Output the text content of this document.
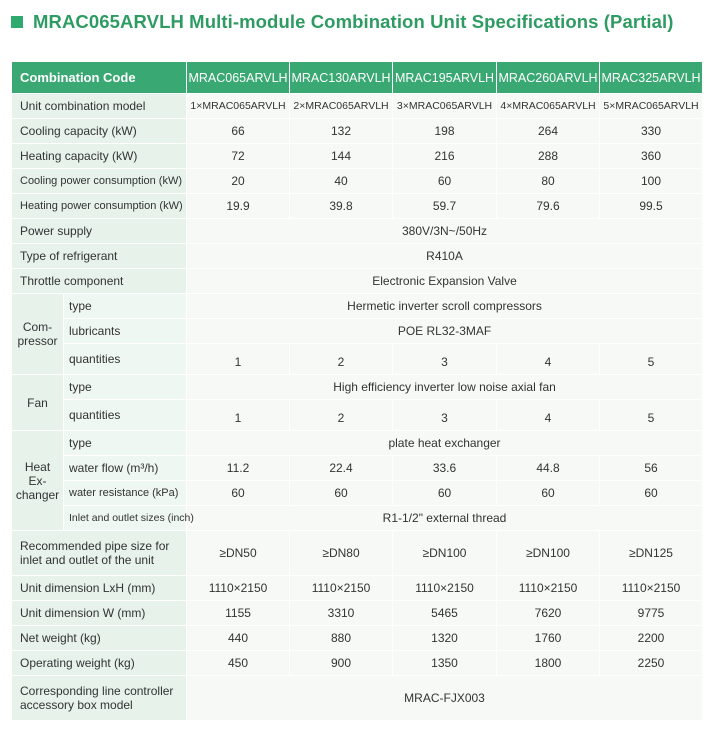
MRAC065ARVLH Multi-module Combination Unit Specifications (Partial)
Combination Code		MRAC065ARVLH	MRAC130ARVLH	MRAC195ARVLH	MRAC260ARVLH	MRAC325ARVLH
Unit combination model		1×MRAC065ARVLH	2×MRAC065ARVLH	3×MRAC065ARVLH	4×MRAC065ARVLH	5×MRAC065ARVLH
Cooling capacity (kW)		66	132	198	264	330
Heating capacity (kW)		72	144	216	288	360
Cooling power consumption (kW)		20	40	60	80	100
Heating power consumption (kW)		19.9	39.8	59.7	79.6	99.5
Power supply		380V/3N~/50Hz				
Type of refrigerant		R410A				
Throttle component		Electronic Expansion Valve				
Com-
pressor	type	Hermetic inverter scroll compressors				
	lubricants	POE RL32-3MAF				
	quantities	1	2	3	4	5
Fan	type	High efficiency inverter low noise axial fan				
	quantities	1	2	3	4	5
Heat
Ex-
changer	type	plate heat exchanger				
	water flow (m³/h)	11.2	22.4	33.6	44.8	56
	water resistance (kPa)	60	60	60	60	60
	Inlet and outlet sizes (inch)	R1-1/2" external thread				
Recommended pipe size for
inlet and outlet of the unit		≥DN50	≥DN80	≥DN100	≥DN100	≥DN125
Unit dimension LxH (mm)		1110×2150	1110×2150	1110×2150	1110×2150	1110×2150
Unit dimension W (mm)		1155	3310	5465	7620	9775
Net weight (kg)		440	880	1320	1760	2200
Operating weight (kg)		450	900	1350	1800	2250
Corresponding line controller
accessory box model		MRAC-FJX003				
